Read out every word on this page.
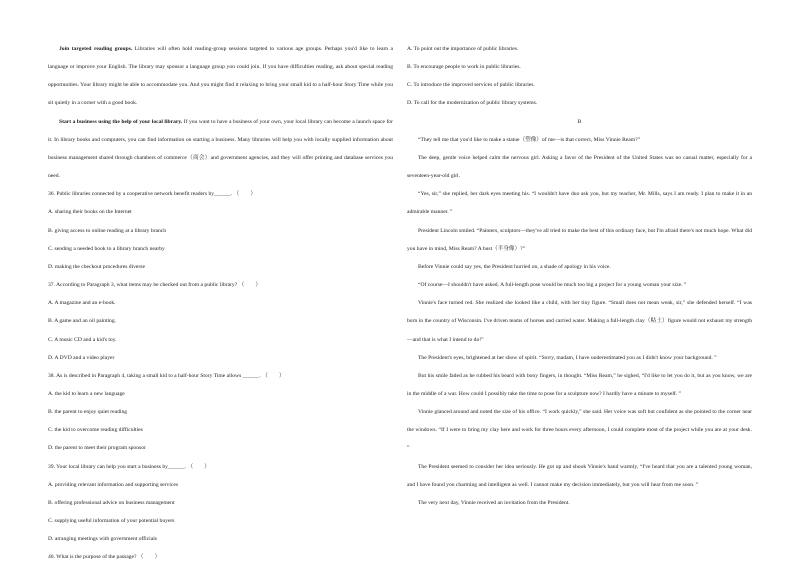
Join targeted reading groups. Libraries will often hold reading-group sessions targeted to various age groups. Perhaps you'd like to learn a language or improve your English. The library may sponsor a language group you could join. If you have difficulties reading, ask about special reading opportunities. Your library might be able to accommodate you. And you might find it relaxing to bring your small kid to a half-hour Story Time while you sit quietly in a corner with a good book.

Start a business using the help of your local library. If you want to have a business of your own, your local library can become a launch space for it. In library books and computers, you can find information on starting a business. Many libraries will help you with locally supplied information about business management shared through chambers of commerce（商会）and government agencies, and they will offer printing and database services you need.

36. Public libraries connected by a cooperative network benefit readers by______. （　　）

A. sharing their books on the Internet

B. giving access to online reading at a library branch

C. sending a needed book to a library branch nearby

D. making the checkout procedures diverse

37. According to Paragraph 3, what items may be checked out from a public library? （　　）

A. A magazine and an e-book.

B. A game and an oil painting.

C. A music CD and a kid's toy.

D. A DVD and a video player

38. As is described in Paragraph 4, taking a small kid to a half-hour Story Time allows ______. （　　）

A. the kid to learn a new language

B. the parent to enjoy quiet reading

C. the kid to overcome reading difficulties

D. the parent to meet their program sponsor

39. Your local library can help you start a business by______. （　　）

A. providing relevant information and supporting services

B. offering professional advice on business management

C. supplying useful information of your potential buyers

D. arranging meetings with government officials

40. What is the purpose of the passage? （　　）

A. To point out the importance of public libraries.

B. To encourage people to work in public libraries.

C. To introduce the improved services of public libraries.

D. To call for the modernization of public library systems.

B

“They tell me that you'd like to make a statue（塑像）of me—is that correct, Miss Vinnie Ream?”

The deep, gentle voice helped calm the nervous girl. Asking a favor of the President of the United States was no casual matter, especially for a seventeen-year-old girl.

“Yes, sir,” she replied, her dark eyes meeting his. “I wouldn't have duo ask you, but my teacher, Mr. Mills, says I am ready. I plan to make it in an admirable manner. ”

President Lincoln smiled. “Painters, sculptors—they've all tried to make the best of this ordinary face, but I'm afraid there's not much hope. What did you have in mind, Miss Ream? A bust（半身像）?”

Before Vinnie could say yes, the President hurried on, a shade of apology in his voice.

“Of course—I shouldn't have asked. A full-length pose would be much too big a project for a young woman your size. ”

Vinnie's face turned red. She realized she looked like a child, with her tiny figure. “Small does not mean weak, sir,” she defended herself. “I was born in the country of Wisconsin. I've driven teams of horses and carried water. Making a full-length clay（粘土）figure would not exhaust my strength—and that is what I intend to do!”

The President's eyes, brightened at her show of spirit. “Sorry, madam, I have underestimated you as I didn't know your background. ”

But his smile faded as he rubbed his beard with bony fingers, in thought. “Miss Ream,” he sighed, “I'd like to let you do it, but as you know, we are in the middle of a war. How could I possibly take the time to pose for a sculpture now? I hardly have a minute to myself. ”

Vinnie glanced around and noted the size of his office. “I work quickly,” she said. Her voice was soft but confident as she pointed to the corner near the windows. “If I were to bring my clay here and work for three hours every afternoon, I could complete most of the project while you are at your desk. ”

The President seemed to consider her idea seriously. He got up and shook Vinnie's hand warmly, “I've heard that you are a talented young woman, and I have found you charming and intelligent as well. I cannot make my decision immediately, but you will hear from me soon. ”

The very next day, Vinnie received an invitation from the President.
